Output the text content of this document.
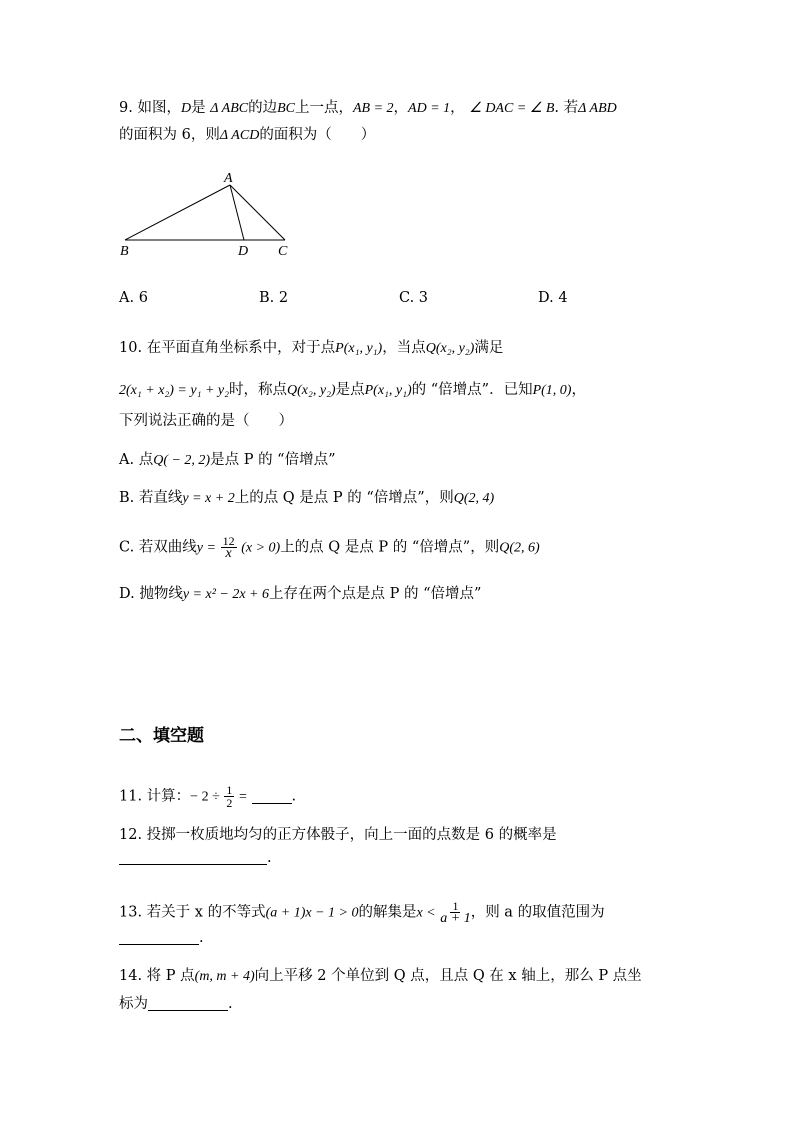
9. 如图，D是 Δ ABC的边BC上一点，AB = 2，AD = 1， ∠ DAC = ∠ B. 若Δ ABD
的面积为 6，则Δ ACD的面积为（　　）
A
B	D C
A. 6	B. 2	C. 3	D. 4
10. 在平面直角坐标系中，对于点P(x₁, y₁)，当点Q(x₂, y₂)满足
2(x₁ + x₂) = y₁ + y₂时，称点Q(x₂, y₂)是点P(x₁, y₁)的 “倍增点”．已知P(1, 0)，
下列说法正确的是（　　）
A. 点Q( − 2, 2)是点 P 的 “倍增点”
B. 若直线y = x + 2上的点 Q 是点 P 的 “倍增点”，则Q(2, 4)
C. 若双曲线$y = \frac{12}{x} (x > 0)$上的点 Q 是点 P 的 “倍增点”，则Q(2, 6)
D. 抛物线y = x² − 2x + 6上存在两个点是点 P 的 “倍增点”
二、填空题
11. 计算：− $2 \div \frac{1}{2}$ =	.
12. 投掷一枚质地均匀的正方体骰子，向上一面的点数是 6 的概率是
.
13. 若关于 x 的不等式(a + 1)x − 1 > 0的解集是$x < \frac{1}{a + 1}$ ，则 a 的取值范围为
.
14. 将 P 点(m, m + 4)向上平移 2 个单位到 Q 点，且点 Q 在 x 轴上，那么 P 点坐
标为	.
